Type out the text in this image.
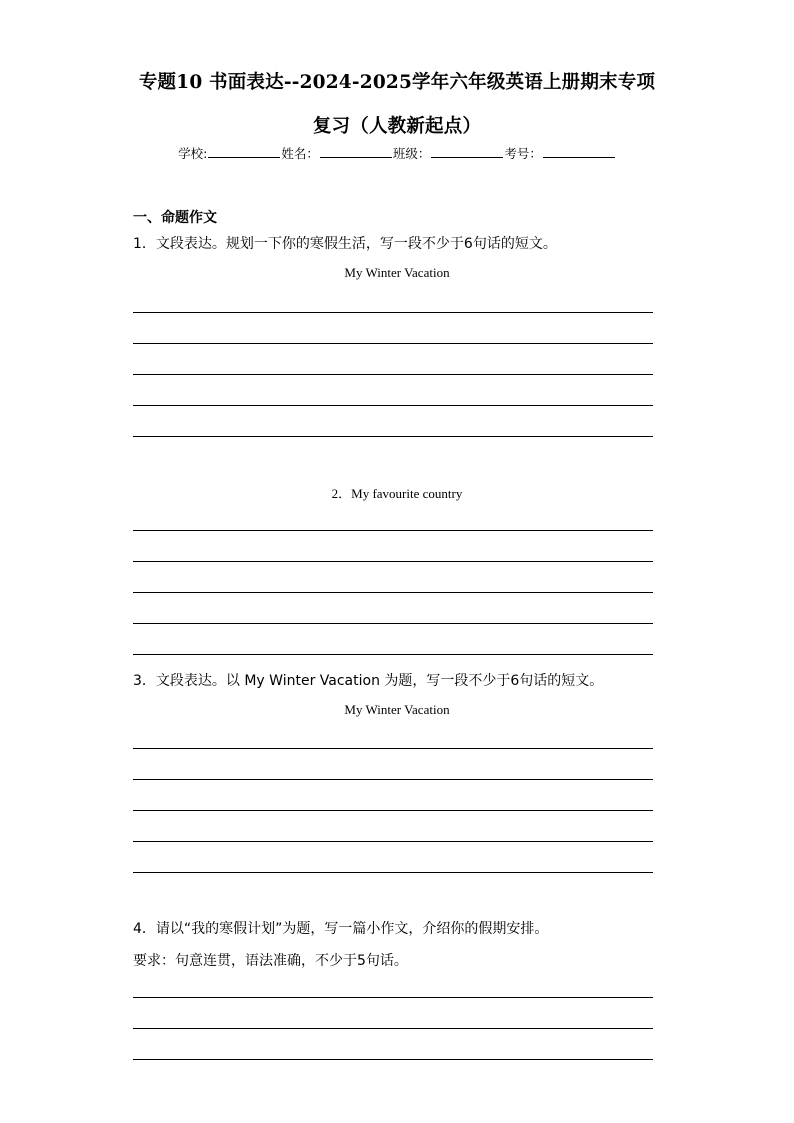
专题10 书面表达--2024-2025学年六年级英语上册期末专项
复习（人教新起点）
学校:	姓名：	班级：	考号：
一、命题作文
1．文段表达。规划一下你的寒假生活，写一段不少于6句话的短文。
My Winter Vacation
2．My favourite country
3．文段表达。以 My Winter Vacation 为题，写一段不少于6句话的短文。
My Winter Vacation
4．请以“我的寒假计划”为题，写一篇小作文，介绍你的假期安排。
要求：句意连贯，语法准确，不少于5句话。
